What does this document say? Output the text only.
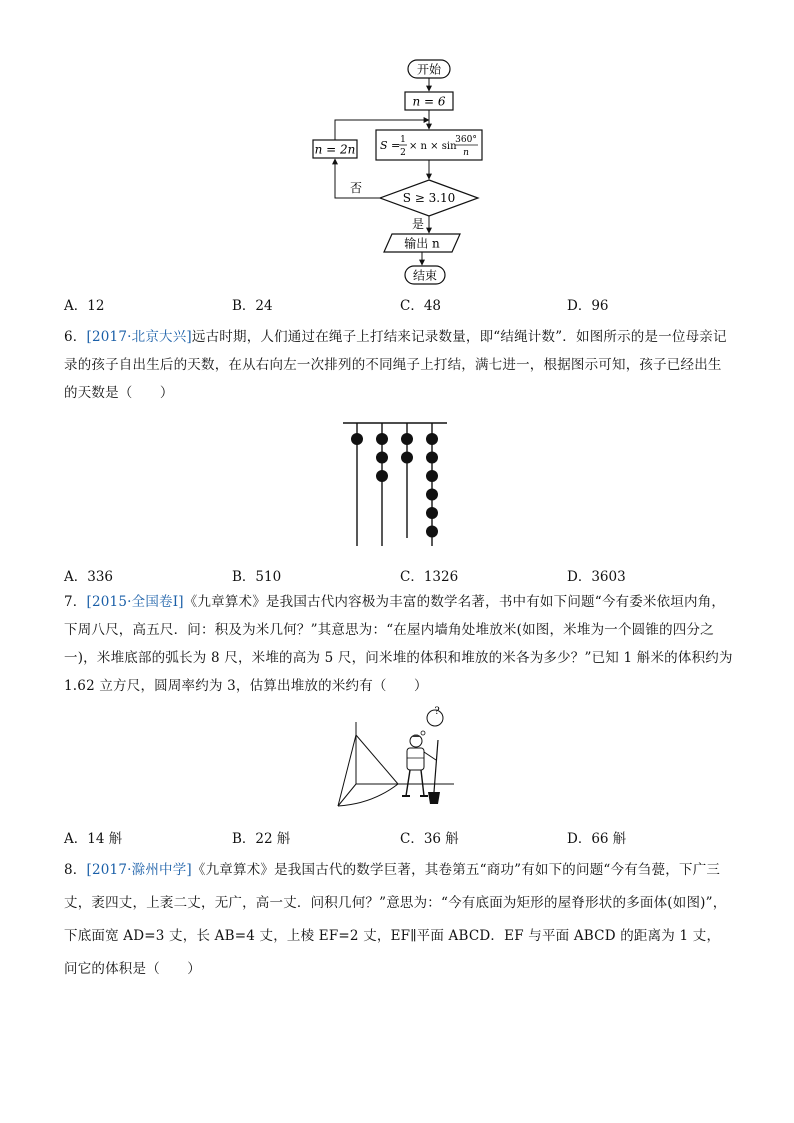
开始
n = 6
S = 1
2
× n × sin
360°
n
n = 2n
S ≥ 3.10
否
是
输出 n
结束
A．12	B．24	C．48	D．96

6．[2017·北京大兴]远古时期，人们通过在绳子上打结来记录数量，即“结绳计数”．如图所示的是一位母亲记

录的孩子自出生后的天数，在从右向左一次排列的不同绳子上打结，满七进一，根据图示可知，孩子已经出生

的天数是（　　）

A．336	B．510	C．1326	D．3603

7．[2015·全国卷Ⅰ]《九章算术》是我国古代内容极为丰富的数学名著，书中有如下问题“今有委米依垣内角，

下周八尺，高五尺．问：积及为米几何？”其意思为：“在屋内墙角处堆放米(如图，米堆为一个圆锥的四分之

一)，米堆底部的弧长为 8 尺，米堆的高为 5 尺，问米堆的体积和堆放的米各为多少？”已知 1 斛米的体积约为

1.62 立方尺，圆周率约为 3，估算出堆放的米约有（　　）

?
A．14 斛	B．22 斛	C．36 斛	D．66 斛

8．[2017·滁州中学]《九章算术》是我国古代的数学巨著，其卷第五“商功”有如下的问题“今有刍甍，下广三

丈，袤四丈，上袤二丈，无广，高一丈．问积几何？”意思为：“今有底面为矩形的屋脊形状的多面体(如图)”，

下底面宽 AD=3 丈，长 AB=4 丈，上棱 EF=2 丈，EF∥平面 ABCD．EF 与平面 ABCD 的距离为 1 丈，

问它的体积是（　　）
